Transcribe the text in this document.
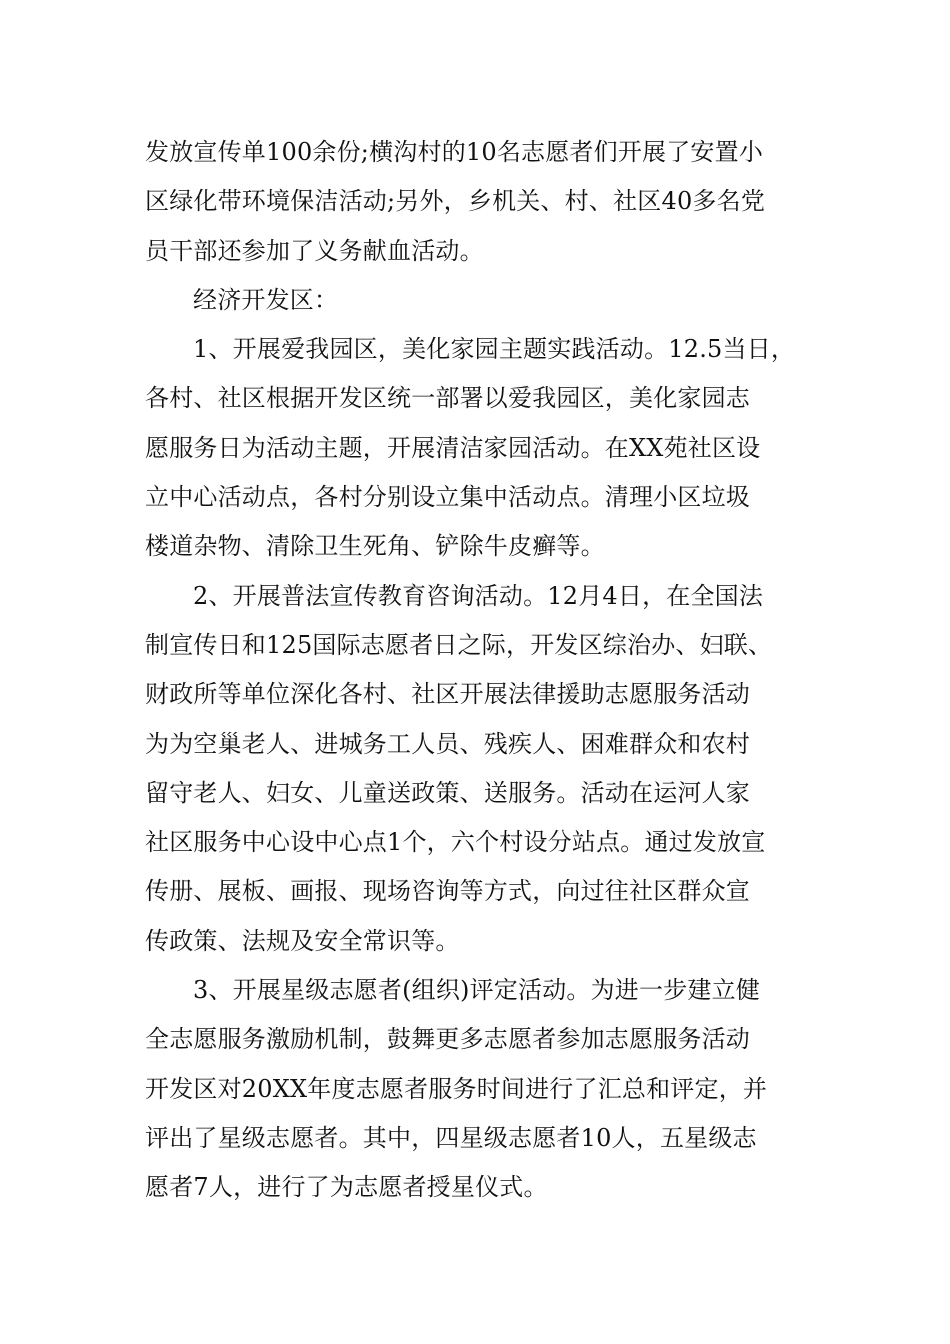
发放宣传单100余份;横沟村的10名志愿者们开展了安置小
区绿化带环境保洁活动;另外，乡机关、村、社区40多名党
员干部还参加了义务献血活动。
经济开发区：
1、开展爱我园区，美化家园主题实践活动。12.5当日，
各村、社区根据开发区统一部署以爱我园区，美化家园志
愿服务日为活动主题，开展清洁家园活动。在XX苑社区设
立中心活动点，各村分别设立集中活动点。清理小区垃圾
楼道杂物、清除卫生死角、铲除牛皮癣等。
2、开展普法宣传教育咨询活动。12月4日，在全国法
制宣传日和125国际志愿者日之际，开发区综治办、妇联、
财政所等单位深化各村、社区开展法律援助志愿服务活动
为为空巢老人、进城务工人员、残疾人、困难群众和农村
留守老人、妇女、儿童送政策、送服务。活动在运河人家
社区服务中心设中心点1个，六个村设分站点。通过发放宣
传册、展板、画报、现场咨询等方式，向过往社区群众宣
传政策、法规及安全常识等。
3、开展星级志愿者(组织)评定活动。为进一步建立健
全志愿服务激励机制，鼓舞更多志愿者参加志愿服务活动
开发区对20XX年度志愿者服务时间进行了汇总和评定，并
评出了星级志愿者。其中，四星级志愿者10人，五星级志
愿者7人，进行了为志愿者授星仪式。
